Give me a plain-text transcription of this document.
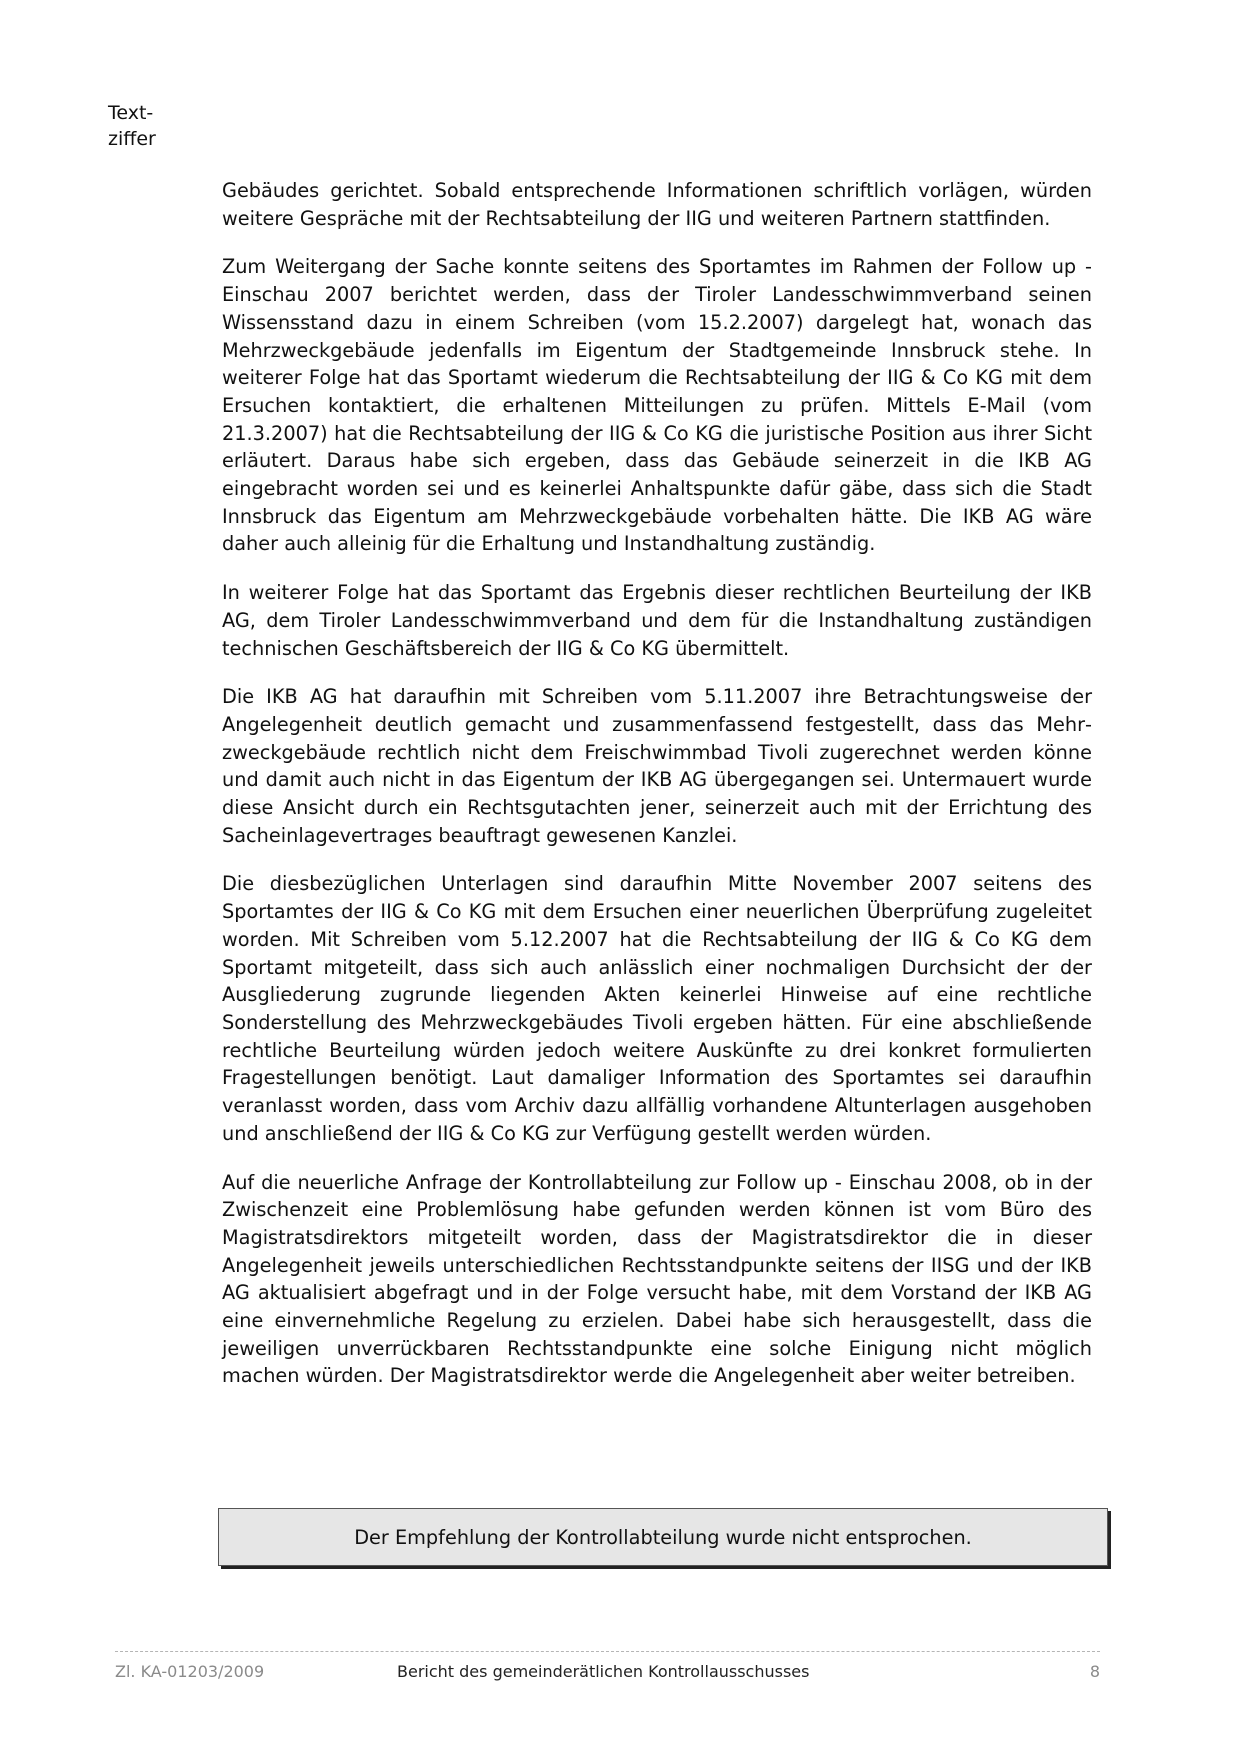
Text-
ziffer

Gebäudes gerichtet. Sobald entsprechende Informationen schriftlich vorlägen, würden weitere Gespräche mit der Rechtsabteilung der IIG und weiteren Partnern stattfinden.

Zum Weitergang der Sache konnte seitens des Sportamtes im Rahmen der Follow up - Einschau 2007 berichtet werden, dass der Tiroler Landesschwimmverband seinen Wissensstand dazu in einem Schreiben (vom 15.2.2007) dargelegt hat, wonach das Mehrzweckgebäude jedenfalls im Eigentum der Stadtgemeinde Innsbruck stehe. In weiterer Folge hat das Sportamt wiederum die Rechtsabteilung der IIG & Co KG mit dem Ersuchen kontaktiert, die erhaltenen Mitteilungen zu prüfen. Mittels E-Mail (vom 21.3.2007) hat die Rechtsabteilung der IIG & Co KG die juristische Position aus ihrer Sicht erläutert. Daraus habe sich ergeben, dass das Gebäude seinerzeit in die IKB AG eingebracht worden sei und es keinerlei Anhaltspunkte dafür gäbe, dass sich die Stadt Innsbruck das Eigentum am Mehrzweckgebäude vorbehalten hätte. Die IKB AG wäre daher auch alleinig für die Erhaltung und Instandhaltung zuständig.

In weiterer Folge hat das Sportamt das Ergebnis dieser rechtlichen Beurteilung der IKB AG, dem Tiroler Landesschwimmverband und dem für die Instandhaltung zuständigen technischen Geschäftsbereich der IIG & Co KG übermittelt.

Die IKB AG hat daraufhin mit Schreiben vom 5.11.2007 ihre Betrachtungsweise der Angelegenheit deutlich gemacht und zusammenfassend festgestellt, dass das Mehrzweckgebäude rechtlich nicht dem Freischwimmbad Tivoli zugerechnet werden könne und damit auch nicht in das Eigentum der IKB AG übergegangen sei. Untermauert wurde diese Ansicht durch ein Rechtsgutachten jener, seinerzeit auch mit der Errichtung des Sacheinlagevertrages beauftragt gewesenen Kanzlei.

Die diesbezüglichen Unterlagen sind daraufhin Mitte November 2007 seitens des Sportamtes der IIG & Co KG mit dem Ersuchen einer neuerlichen Überprüfung zugeleitet worden. Mit Schreiben vom 5.12.2007 hat die Rechtsabteilung der IIG & Co KG dem Sportamt mitgeteilt, dass sich auch anlässlich einer nochmaligen Durchsicht der der Ausgliederung zugrunde liegenden Akten keinerlei Hinweise auf eine rechtliche Sonderstellung des Mehrzweckgebäudes Tivoli ergeben hätten. Für eine abschließende rechtliche Beurteilung würden jedoch weitere Auskünfte zu drei konkret formulierten Fragestellungen benötigt. Laut damaliger Information des Sportamtes sei daraufhin veranlasst worden, dass vom Archiv dazu allfällig vorhandene Altunterlagen ausgehoben und anschließend der IIG & Co KG zur Verfügung gestellt werden würden.

Auf die neuerliche Anfrage der Kontrollabteilung zur Follow up - Einschau 2008, ob in der Zwischenzeit eine Problemlösung habe gefunden werden können ist vom Büro des Magistratsdirektors mitgeteilt worden, dass der Magistratsdirektor die in dieser Angelegenheit jeweils unterschiedlichen Rechtsstandpunkte seitens der IISG und der IKB AG aktualisiert abgefragt und in der Folge versucht habe, mit dem Vorstand der IKB AG eine einvernehmliche Regelung zu erzielen. Dabei habe sich herausgestellt, dass die jeweiligen unverrückbaren Rechtsstandpunkte eine solche Einigung nicht möglich machen würden. Der Magistratsdirektor werde die Angelegenheit aber weiter betreiben.

Der Empfehlung der Kontrollabteilung wurde nicht entsprochen.
Zl. KA-01203/2009	Bericht des gemeinderätlichen Kontrollausschusses	8
